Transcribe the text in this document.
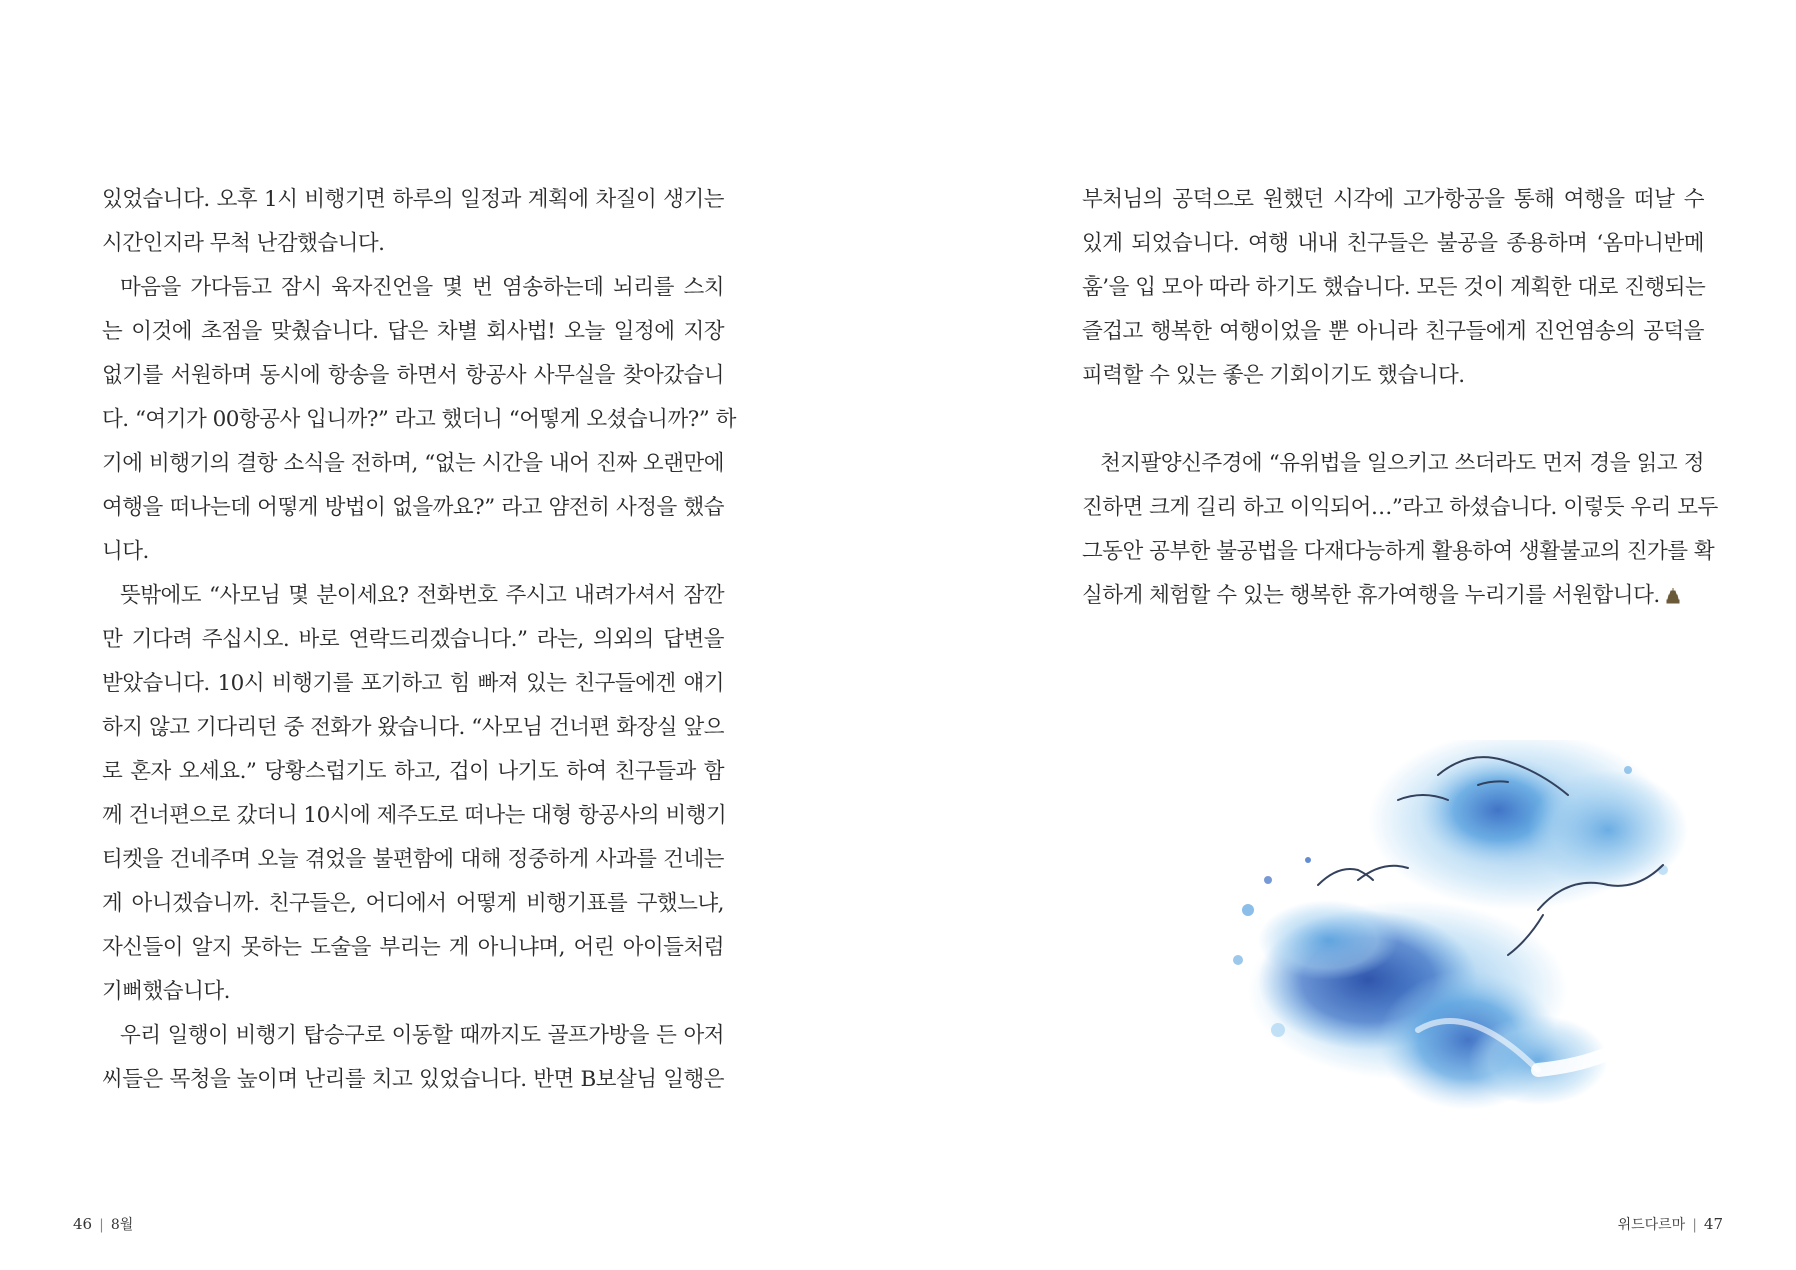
있었습니다. 오후 1시 비행기면 하루의 일정과 계획에 차질이 생기는
시간인지라 무척 난감했습니다.
마음을 가다듬고 잠시 육자진언을 몇 번 염송하는데 뇌리를 스치
는 이것에 초점을 맞췄습니다. 답은 차별 회사법! 오늘 일정에 지장
없기를 서원하며 동시에 항송을 하면서 항공사 사무실을 찾아갔습니
다. “여기가 00항공사 입니까?” 라고 했더니 “어떻게 오셨습니까?” 하
기에 비행기의 결항 소식을 전하며, “없는 시간을 내어 진짜 오랜만에
여행을 떠나는데 어떻게 방법이 없을까요?” 라고 얌전히 사정을 했습
니다.
뜻밖에도 “사모님 몇 분이세요? 전화번호 주시고 내려가셔서 잠깐
만 기다려 주십시오. 바로 연락드리겠습니다.” 라는, 의외의 답변을
받았습니다. 10시 비행기를 포기하고 힘 빠져 있는 친구들에겐 얘기
하지 않고 기다리던 중 전화가 왔습니다. “사모님 건너편 화장실 앞으
로 혼자 오세요.” 당황스럽기도 하고, 겁이 나기도 하여 친구들과 함
께 건너편으로 갔더니 10시에 제주도로 떠나는 대형 항공사의 비행기
티켓을 건네주며 오늘 겪었을 불편함에 대해 정중하게 사과를 건네는
게 아니겠습니까. 친구들은, 어디에서 어떻게 비행기표를 구했느냐,
자신들이 알지 못하는 도술을 부리는 게 아니냐며, 어린 아이들처럼
기뻐했습니다.
우리 일행이 비행기 탑승구로 이동할 때까지도 골프가방을 든 아저
씨들은 목청을 높이며 난리를 치고 있었습니다. 반면 B보살님 일행은
46 | 8월
부처님의 공덕으로 원했던 시각에 고가항공을 통해 여행을 떠날 수
있게 되었습니다. 여행 내내 친구들은 불공을 종용하며 ‘옴마니반메
훔’을 입 모아 따라 하기도 했습니다. 모든 것이 계획한 대로 진행되는
즐겁고 행복한 여행이었을 뿐 아니라 친구들에게 진언염송의 공덕을
피력할 수 있는 좋은 기회이기도 했습니다.
천지팔양신주경에 “유위법을 일으키고 쓰더라도 먼저 경을 읽고 정
진하면 크게 길리 하고 이익되어…”라고 하셨습니다. 이렇듯 우리 모두
그동안 공부한 불공법을 다재다능하게 활용하여 생활불교의 진가를 확
실하게 체험할 수 있는 행복한 휴가여행을 누리기를 서원합니다.
위드다르마 | 47
